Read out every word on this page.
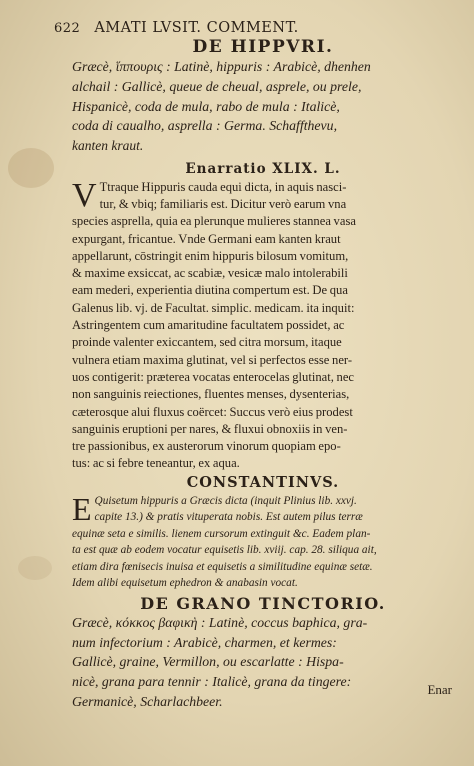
622 AMATI LVSIT. COMMENT.
DE HIPPVRI.
Græcè, ἵππουρις : Latinè, hippuris : Arabicè, dhenhen
alchail : Gallicè, queue de cheual, asprele, ou prele,
Hispanicè, coda de mula, rabo de mula : Italicè,
coda di caualho, asprella : Germa. Schaffthevu,
kanten kraut.
Enarratio XLIX. L.
V Ttraque Hippuris cauda equi dicta, in aquis nasci-
tur, & vbiq; familiaris est. Dicitur verò earum vna
species asprella, quia ea plerunque mulieres stannea vasa
expurgant, fricantue. Vnde Germani eam kanten kraut
appellarunt, cōstringit enim hippuris bilosum vomitum,
& maxime exsiccat, ac scabiæ, vesicæ malo intolerabili
eam mederi, experientia diutina compertum est. De qua
Galenus lib. vj. de Facultat. simplic. medicam. ita inquit:
Astringentem cum amaritudine facultatem possidet, ac
proinde valenter exiccantem, sed citra morsum, itaque
vulnera etiam maxima glutinat, vel si perfectos esse ner-
uos contigerit: præterea vocatas enterocelas glutinat, nec
non sanguinis reiectiones, fluentes menses, dysenterias,
cæterosque alui fluxus coërcet: Succus verò eius prodest
sanguinis eruptioni per nares, & fluxui obnoxiis in ven-
tre passionibus, ex austerorum vinorum quopiam epo-
tus: ac si febre teneantur, ex aqua.
CONSTANTINVS.
E Quisetum hippuris a Græcis dicta (inquit Plinius lib. xxvj.
capite 13.) & pratis vituperata nobis. Est autem pilus terræ
equinæ seta e similis. lienem cursorum extinguit &c. Eadem plan-
ta est quæ ab eodem vocatur equisetis lib. xviij. cap. 28. siliqua ait,
etiam dira fœnisecis inuisa et equisetis a similitudine equinæ setæ.
Idem alibi equisetum ephedron & anabasin vocat.
DE GRANO TINCTORIO.
Græcè, κόκκος βαφικὴ : Latinè, coccus baphica, gra-
num infectorium : Arabicè, charmen, et kermes:
Gallicè, graine, Vermillon, ou escarlatte : Hispa-
nicè, grana para tennir : Italicè, grana da tingere:
Germanicè, Scharlachbeer.
Enar
